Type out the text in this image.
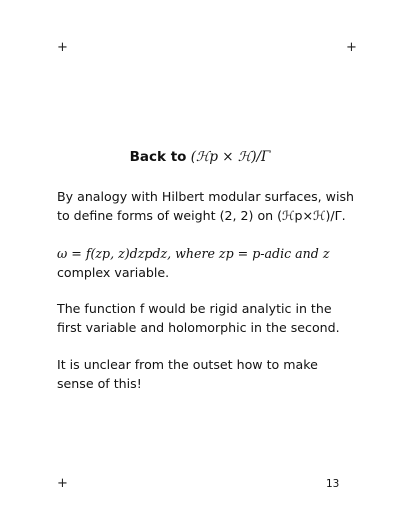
+	+
+
Back to (ℋp × ℋ)/Γ
By analogy with Hilbert modular surfaces, wish
to define forms of weight (2, 2) on (ℋp×ℋ)/Γ.
ω = f(zp, z)dzpdz, where zp = p-adic and z
complex variable.
The function f would be rigid analytic in the
first variable and holomorphic in the second.
It is unclear from the outset how to make
sense of this!
13
